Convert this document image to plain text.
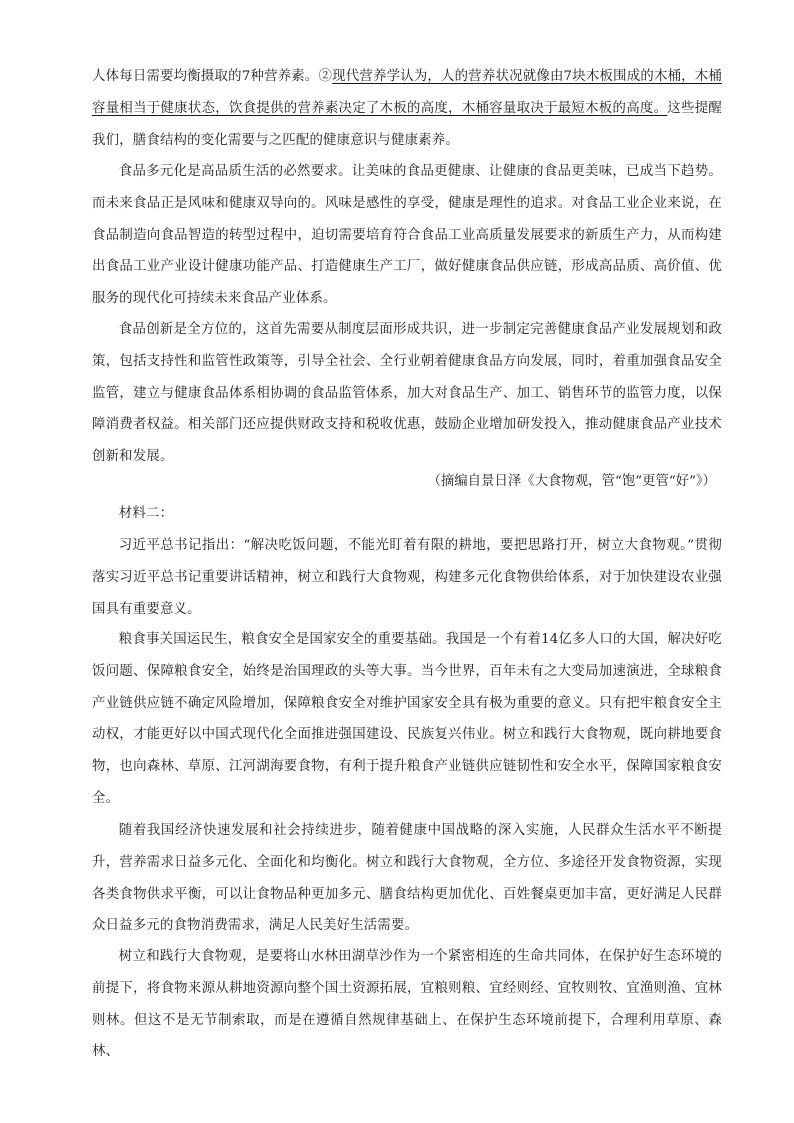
人体每日需要均衡摄取的7种营养素。②现代营养学认为，人的营养状况就像由7块木板围成的木桶，木桶容量相当于健康状态，饮食提供的营养素决定了木板的高度，木桶容量取决于最短木板的高度。这些提醒我们，膳食结构的变化需要与之匹配的健康意识与健康素养。

食品多元化是高品质生活的必然要求。让美味的食品更健康、让健康的食品更美味，已成当下趋势。而未来食品正是风味和健康双导向的。风味是感性的享受，健康是理性的追求。对食品工业企业来说，在食品制造向食品智造的转型过程中，迫切需要培育符合食品工业高质量发展要求的新质生产力，从而构建出食品工业产业设计健康功能产品、打造健康生产工厂，做好健康食品供应链，形成高品质、高价值、优服务的现代化可持续未来食品产业体系。

食品创新是全方位的，这首先需要从制度层面形成共识，进一步制定完善健康食品产业发展规划和政策，包括支持性和监管性政策等，引导全社会、全行业朝着健康食品方向发展，同时，着重加强食品安全监管，建立与健康食品体系相协调的食品监管体系，加大对食品生产、加工、销售环节的监管力度，以保障消费者权益。相关部门还应提供财政支持和税收优惠，鼓励企业增加研发投入，推动健康食品产业技术创新和发展。

（摘编自景日泽《大食物观，管“饱”更管“好”》）

材料二：

习近平总书记指出：“解决吃饭问题，不能光盯着有限的耕地，要把思路打开，树立大食物观。”贯彻落实习近平总书记重要讲话精神，树立和践行大食物观，构建多元化食物供给体系，对于加快建设农业强国具有重要意义。

粮食事关国运民生，粮食安全是国家安全的重要基础。我国是一个有着14亿多人口的大国，解决好吃饭问题、保障粮食安全，始终是治国理政的头等大事。当今世界，百年未有之大变局加速演进，全球粮食产业链供应链不确定风险增加，保障粮食安全对维护国家安全具有极为重要的意义。只有把牢粮食安全主动权，才能更好以中国式现代化全面推进强国建设、民族复兴伟业。树立和践行大食物观，既向耕地要食物，也向森林、草原、江河湖海要食物，有利于提升粮食产业链供应链韧性和安全水平，保障国家粮食安全。

随着我国经济快速发展和社会持续进步，随着健康中国战略的深入实施，人民群众生活水平不断提升，营养需求日益多元化、全面化和均衡化。树立和践行大食物观，全方位、多途径开发食物资源，实现各类食物供求平衡，可以让食物品种更加多元、膳食结构更加优化、百姓餐桌更加丰富，更好满足人民群众日益多元的食物消费需求，满足人民美好生活需要。

树立和践行大食物观，是要将山水林田湖草沙作为一个紧密相连的生命共同体，在保护好生态环境的前提下，将食物来源从耕地资源向整个国土资源拓展，宜粮则粮、宜经则经、宜牧则牧、宜渔则渔、宜林则林。但这不是无节制索取，而是在遵循自然规律基础上、在保护生态环境前提下，合理利用草原、森林、
